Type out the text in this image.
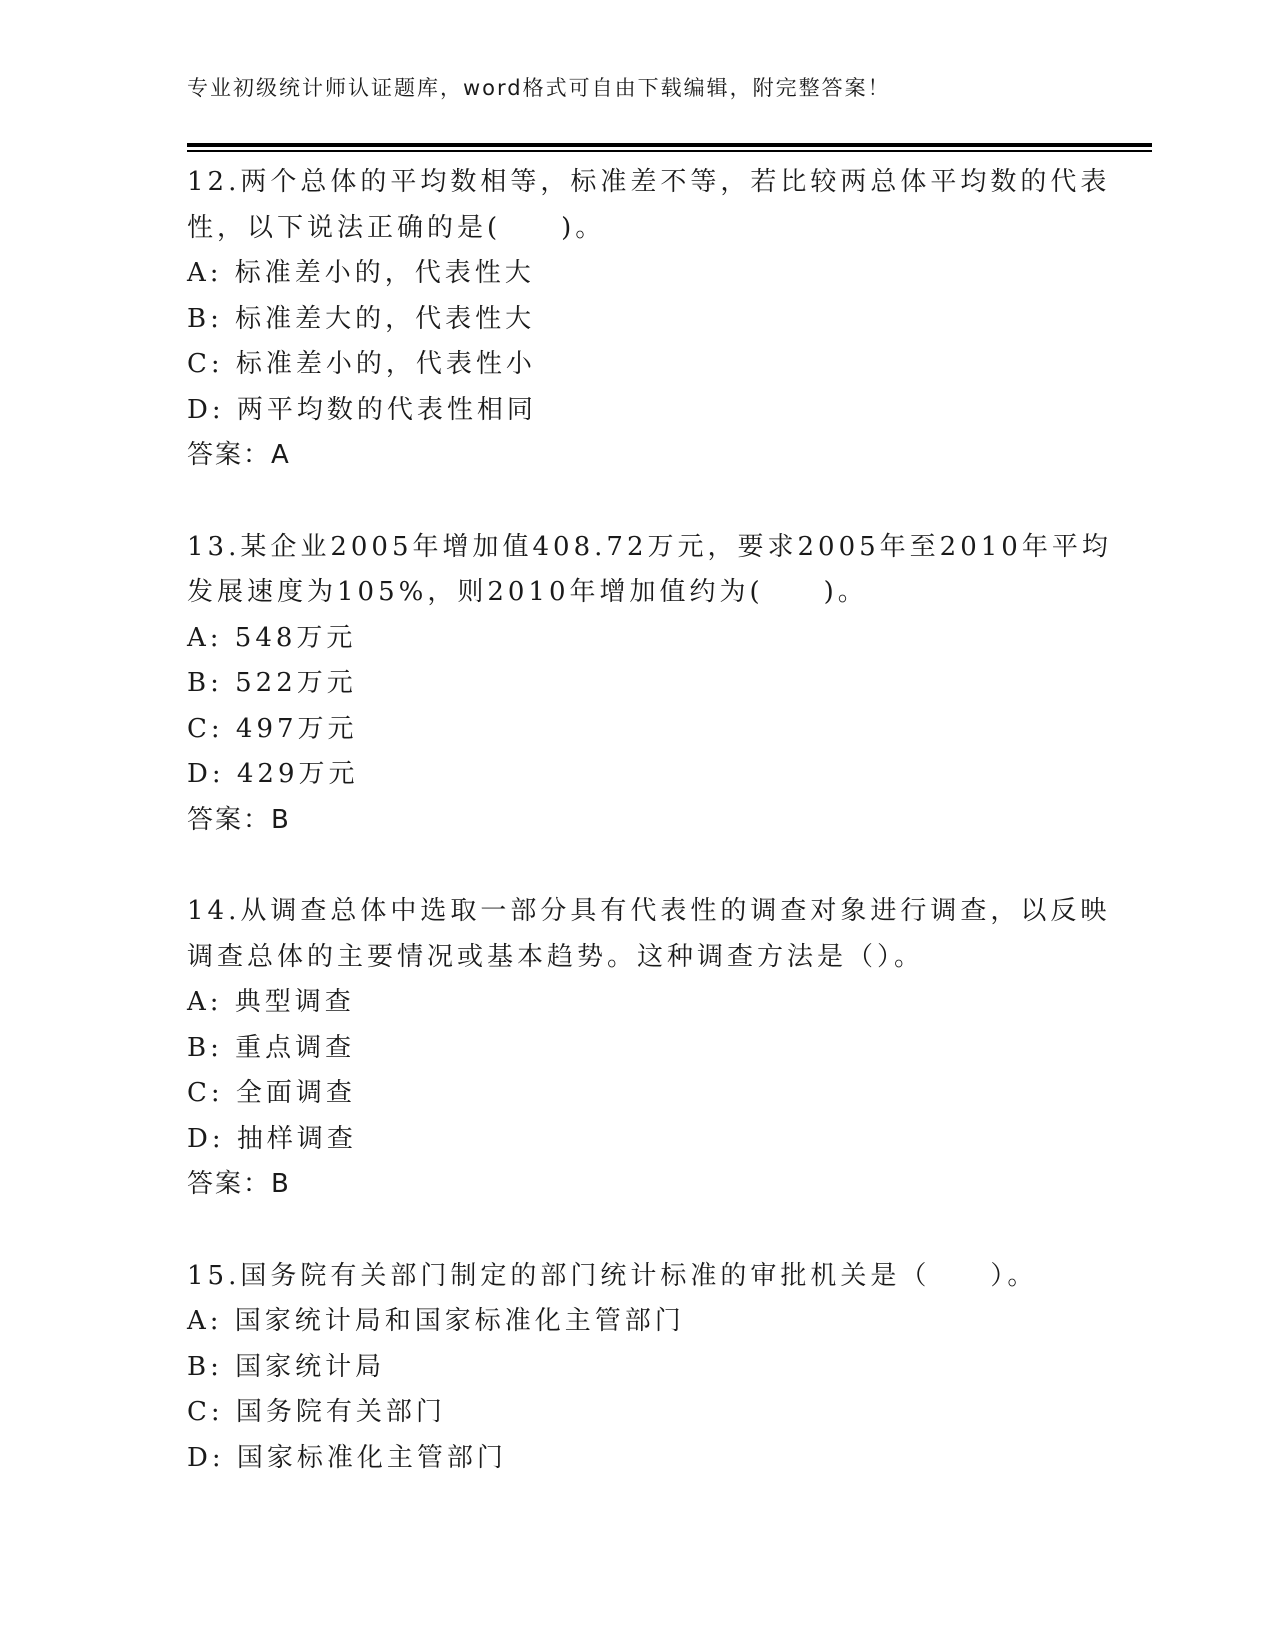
专业初级统计师认证题库，word格式可自由下载编辑，附完整答案！
12.两个总体的平均数相等，标准差不等，若比较两总体平均数的代表
性，以下说法正确的是(　　)。
A: 标准差小的，代表性大
B: 标准差大的，代表性大
C: 标准差小的，代表性小
D: 两平均数的代表性相同
答案：A
13.某企业2005年增加值408.72万元，要求2005年至2010年平均
发展速度为105%，则2010年增加值约为(　　)。
A: 548万元
B: 522万元
C: 497万元
D: 429万元
答案：B
14.从调查总体中选取一部分具有代表性的调查对象进行调查，以反映
调查总体的主要情况或基本趋势。这种调查方法是（）。
A: 典型调查
B: 重点调查
C: 全面调查
D: 抽样调查
答案：B
15.国务院有关部门制定的部门统计标准的审批机关是（　　）。
A: 国家统计局和国家标准化主管部门
B: 国家统计局
C: 国务院有关部门
D: 国家标准化主管部门
